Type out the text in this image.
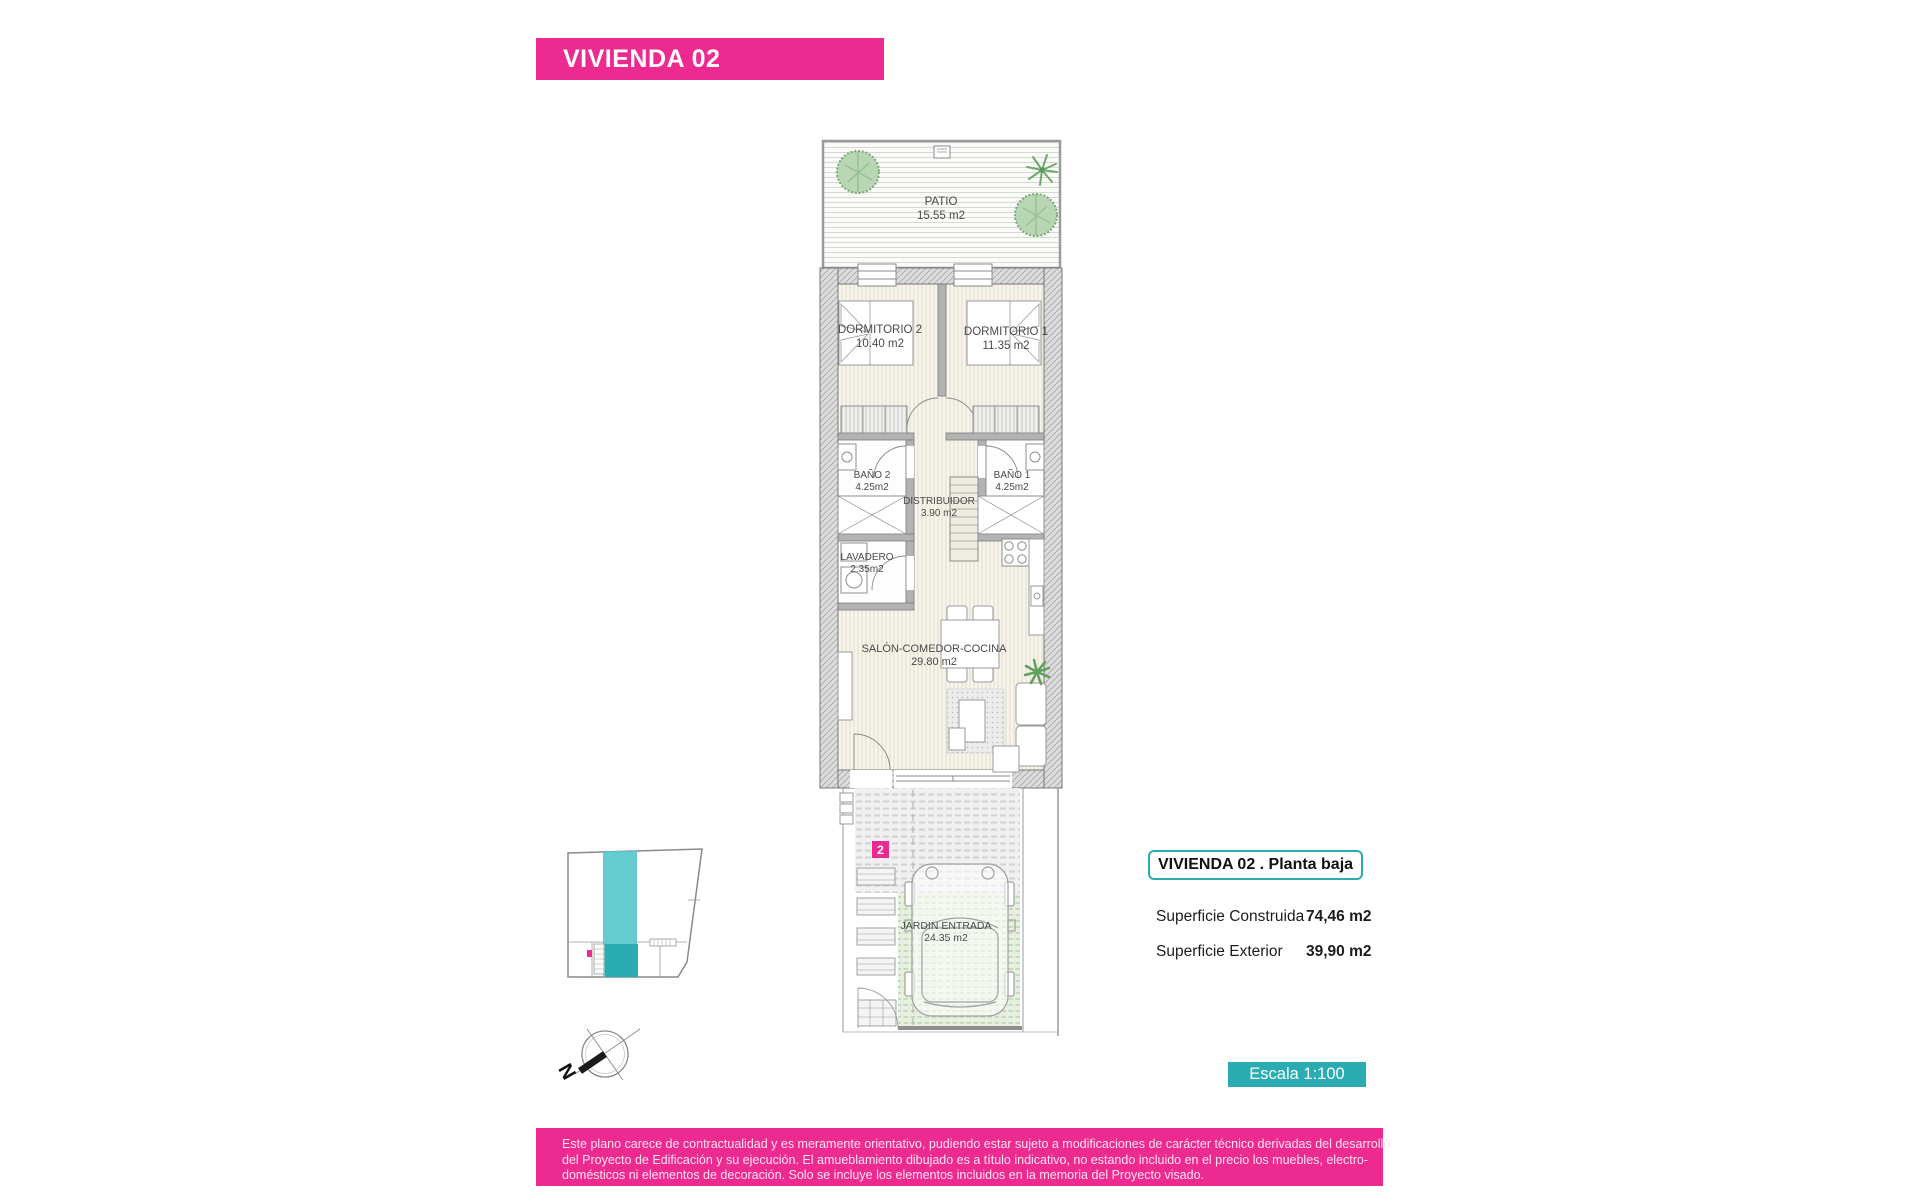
VIVIENDA 02
PATIO
15.55 m2
DORMITORIO 2
10.40 m2
DORMITORIO 1
11.35 m2
BAÑO 2
4.25m2
BAÑO 1
4.25m2
DISTRIBUIDOR
3.90 m2
LAVADERO
2.35m2
SALÓN-COMEDOR-COCINA
29.80 m2
JARDIN ENTRADA
24.35 m2
2
VIVIENDA 02 . Planta baja
Superficie Construida 74,46 m2
Superficie Exterior	39,90 m2
Escala 1:100
N
Este plano carece de contractualidad y es meramente orientativo, pudiendo estar sujeto a modificaciones de carácter técnico derivadas del desarrollo
del Proyecto de Edificación y su ejecución. El amueblamiento dibujado es a título indicativo, no estando incluido en el precio los muebles, electro-
domésticos ni elementos de decoración. Solo se incluye los elementos incluidos en la memoria del Proyecto visado.
